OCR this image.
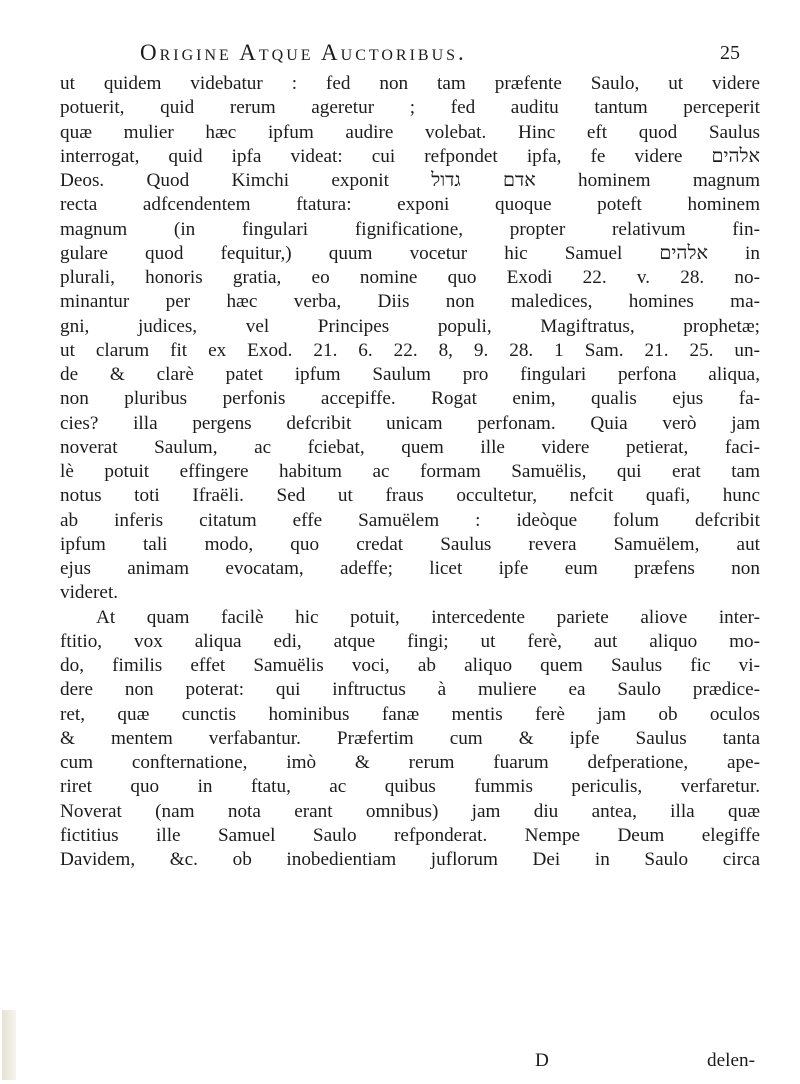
Origine Atque Auctoribus.	25
ut quidem videbatur : fed non tam præfente Saulo, ut videre
potuerit, quid rerum ageretur ; fed auditu tantum perceperit
quæ mulier hæc ipfum audire volebat. Hinc eft quod Saulus
interrogat, quid ipfa videat: cui refpondet ipfa, fe videre אלהים
Deos. Quod Kimchi exponit אדם גדול hominem magnum
recta adfcendentem ftatura: exponi quoque poteft hominem
magnum (in fingulari fignificatione, propter relativum fin-
gulare quod fequitur,) quum vocetur hic Samuel אלהים in
plurali, honoris gratia, eo nomine quo Exodi 22. v. 28. no-
minantur per hæc verba, Diis non maledices, homines ma-
gni, judices, vel Principes populi, Magiftratus, prophetæ;
ut clarum fit ex Exod. 21. 6. 22. 8, 9. 28. 1 Sam. 21. 25. un-
de & clarè patet ipfum Saulum pro fingulari perfona aliqua,
non pluribus perfonis accepiffe. Rogat enim, qualis ejus fa-
cies? illa pergens defcribit unicam perfonam. Quia verò jam
noverat Saulum, ac fciebat, quem ille videre petierat, faci-
lè potuit effingere habitum ac formam Samuëlis, qui erat tam
notus toti Ifraëli. Sed ut fraus occultetur, nefcit quafi, hunc
ab inferis citatum effe Samuëlem : ideòque folum defcribit
ipfum tali modo, quo credat Saulus revera Samuëlem, aut
ejus animam evocatam, adeffe; licet ipfe eum præfens non
videret.
At quam facilè hic potuit, intercedente pariete aliove inter-
ftitio, vox aliqua edi, atque fingi; ut ferè, aut aliquo mo-
do, fimilis effet Samuëlis voci, ab aliquo quem Saulus fic vi-
dere non poterat: qui inftructus à muliere ea Saulo prædice-
ret, quæ cunctis hominibus fanæ mentis ferè jam ob oculos
& mentem verfabantur. Præfertim cum & ipfe Saulus tanta
cum confternatione, imò & rerum fuarum defperatione, ape-
riret quo in ftatu, ac quibus fummis periculis, verfaretur.
Noverat (nam nota erant omnibus) jam diu antea, illa quæ
fictitius ille Samuel Saulo refponderat. Nempe Deum elegiffe
Davidem, &c. ob inobedientiam juflorum Dei in Saulo circa
D	delen-
